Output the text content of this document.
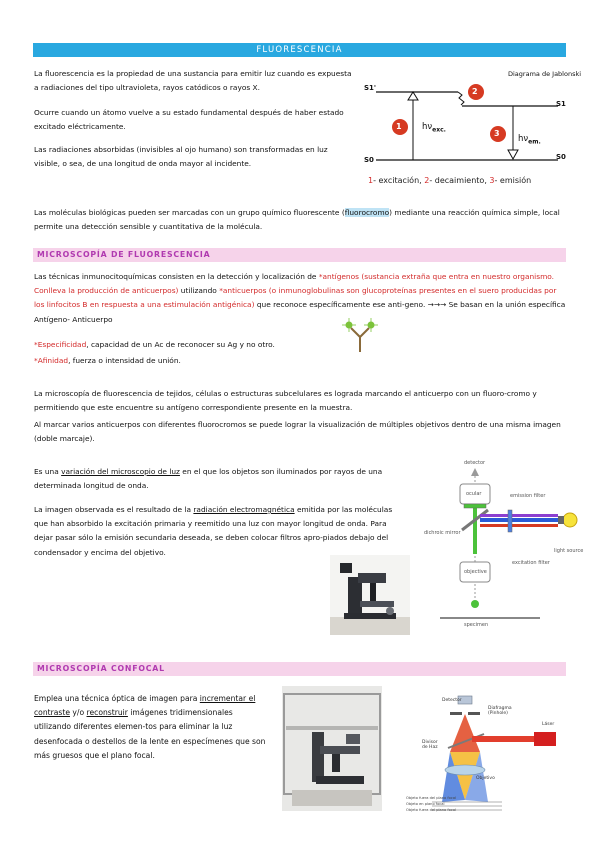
FLUORESCENCIA
La fluorescencia es la propiedad de una sustancia para emitir luz cuando es expuesta a radiaciones del tipo ultravioleta, rayos catódicos o rayos X.
Ocurre cuando un átomo vuelve a su estado fundamental después de haber estado excitado eléctricamente.
Las radiaciones absorbidas (invisibles al ojo humano) son transformadas en luz visible, o sea, de una longitud de onda mayor al incidente.
Diagrama de Jablonski
S1'
S1
S0	S0
1
2
3
$h\nu_{exc.}$
$h\nu_{em.}$
1- excitación, 2- decaimiento, 3- emisión
Las moléculas biológicas pueden ser marcadas con un grupo químico fluorescente (fluorocromo) mediante una reacción química simple, local permite una detección sensible y cuantitativa de la molécula.
MICROSCOPÍA DE FLUORESCENCIA
Las técnicas inmunocitoquímicas consisten en la detección y localización de *antígenos (sustancia extraña que entra en nuestro organismo. Conlleva la producción de anticuerpos) utilizando *anticuerpos (o inmunoglobulinas son glucoproteínas presentes en el suero producidas por los linfocitos B en respuesta a una estimulación antigénica) que reconoce específicamente ese anti-geno. →→→ Se basan en la unión específica Antígeno- Anticuerpo
*Especificidad, capacidad de un Ac de reconocer su Ag y no otro.
*Afinidad, fuerza o intensidad de unión.
La microscopía de fluorescencia de tejidos, células o estructuras subcelulares es lograda marcando el anticuerpo con un fluoro-cromo y permitiendo que este encuentre su antígeno correspondiente presente en la muestra.
Al marcar varios anticuerpos con diferentes fluorocromos se puede lograr la visualización de múltiples objetivos dentro de una misma imagen (doble marcaje).
Es una variación del microscopio de luz en el que los objetos son iluminados por rayos de una determinada longitud de onda.
La imagen observada es el resultado de la radiación electromagnética emitida por las moléculas que han absorbido la excitación primaria y reemitido una luz con mayor longitud de onda. Para dejar pasar sólo la emisión secundaria deseada, se deben colocar filtros apro-piados debajo del condensador y encima del objetivo.
detector
ocular	emission filter
dichroic mirror
light source
excitation filter
objective
specimen
MICROSCOPÍA CONFOCAL
Emplea una técnica óptica de imagen para incrementar el contraste y/o reconstruir imágenes tridimensionales utilizando diferentes elemen-tos para eliminar la luz desenfocada o destellos de la lente en especímenes que son más gruesos que el plano focal.
Detector
Diafragma (Pinhole)
Láser
Divisor de Haz
Objetivo
Objeto fuera del plano focal
Objeto en plano focal
Objeto fuera del plano focal
